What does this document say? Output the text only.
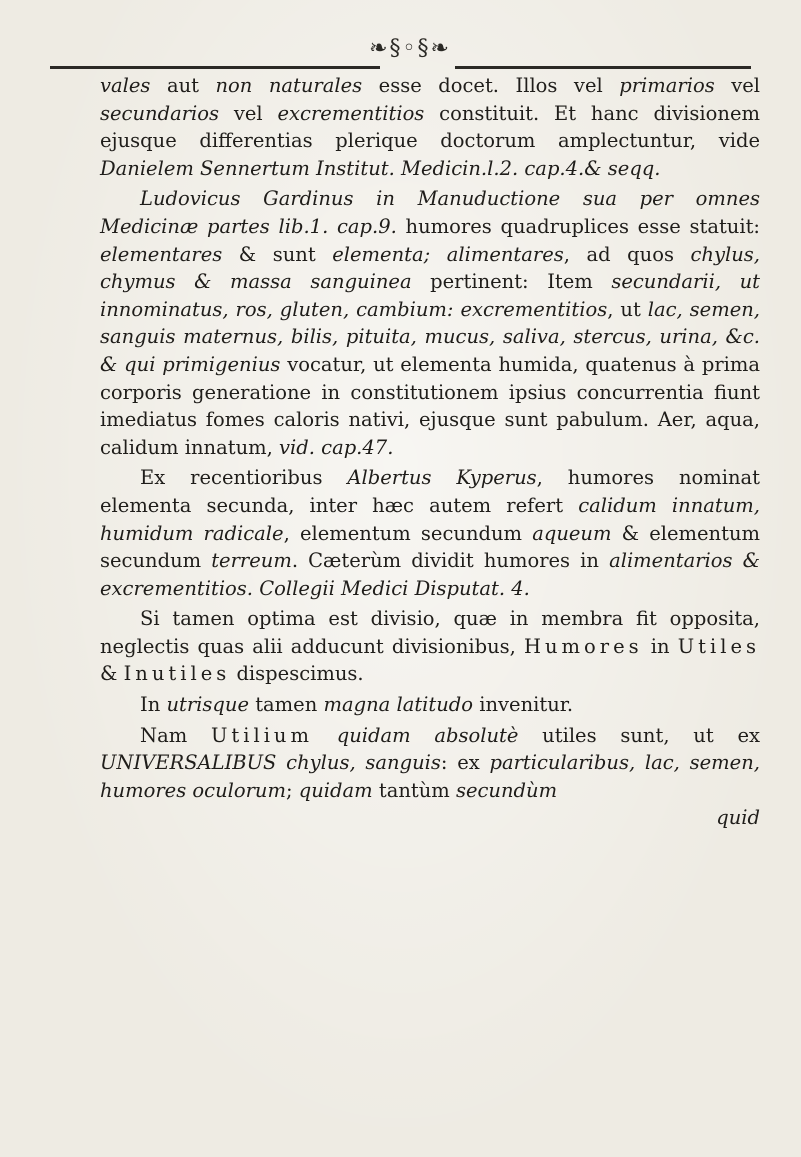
❧§◦§❧

vales aut non naturales esse docet. Illos vel primarios vel secundarios vel excrementitios constituit. Et hanc divisionem ejusque differentias plerique doctorum amplectuntur, vide Danielem Sennertum Institut. Medicin.l.2. cap.4.& seqq.

Ludovicus Gardinus in Manuductione sua per omnes Medicinæ partes lib.1. cap.9. humores quadruplices esse statuit: elementares & sunt elementa; alimentares, ad quos chylus, chymus & massa sanguinea pertinent: Item secundarii, ut innominatus, ros, gluten, cambium: excrementitios, ut lac, semen, sanguis maternus, bilis, pituita, mucus, saliva, stercus, urina, &c. & qui primigenius vocatur, ut elementa humida, quatenus à prima corporis generatione in constitutionem ipsius concurrentia fiunt imediatus fomes caloris nativi, ejusque sunt pabulum. Aer, aqua, calidum innatum, vid. cap.47.

Ex recentioribus Albertus Kyperus, humores nominat elementa secunda, inter hæc autem refert calidum innatum, humidum radicale, elementum secundum aqueum & elementum secundum terreum. Cæterùm dividit humores in alimentarios & excrementitios. Collegii Medici Disputat. 4.

Si tamen optima est divisio, quæ in membra fit opposita, neglectis quas alii adducunt divisionibus, Humores in Utiles & Inutiles dispescimus.

In utrisque tamen magna latitudo invenitur.

Nam Utilium quidam absolutè utiles sunt, ut ex UNIVERSALIBUS chylus, sanguis: ex particularibus, lac, semen, humores oculorum; quidam tantùm secundùm

quid
